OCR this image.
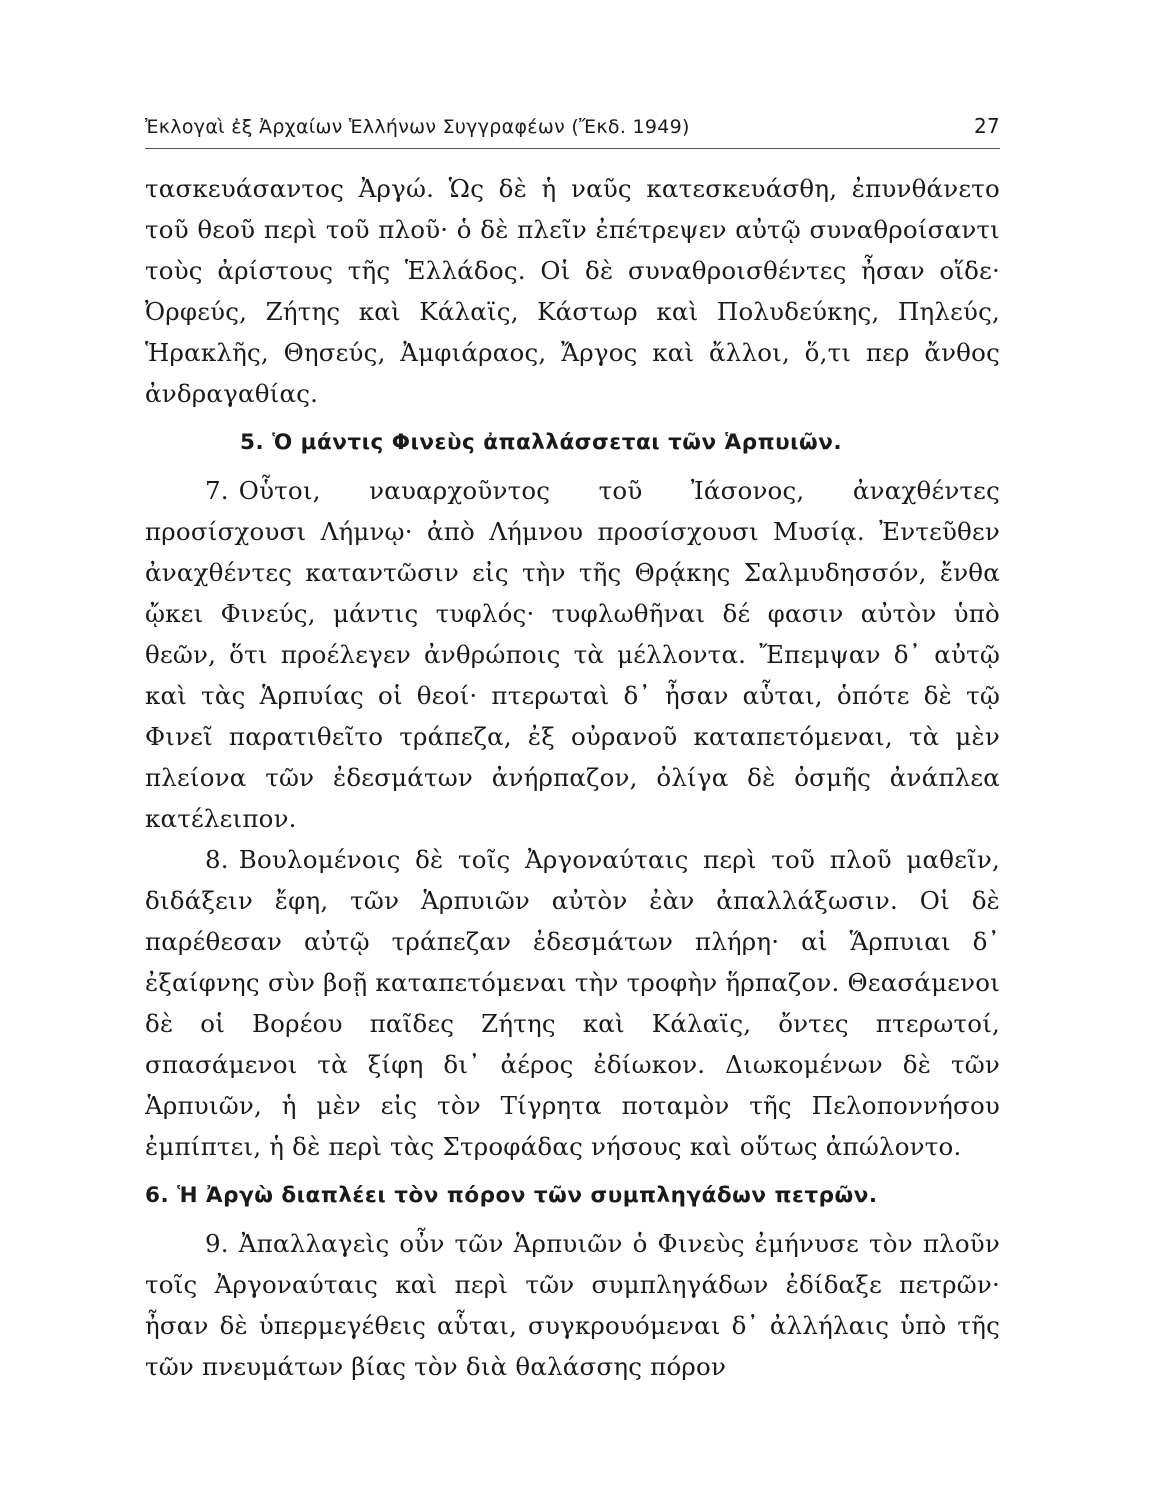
Ἐκλογαὶ ἐξ Ἀρχαίων Ἑλλήνων Συγγραφέων (Ἔκδ. 1949)	27

τασκευάσαντος Ἀργώ. Ὡς δὲ ἡ ναῦς κατεσκευάσθη, ἐπυνθάνετο τοῦ θεοῦ περὶ τοῦ πλοῦ· ὁ δὲ πλεῖν ἐπέτρεψεν αὐτῷ συναθροίσαντι τοὺς ἀρίστους τῆς Ἑλλάδος. Οἱ δὲ συναθροισθέντες ἦσαν οἵδε· Ὀρφεύς, Ζήτης καὶ Κάλαϊς, Κάστωρ καὶ Πολυδεύκης, Πηλεύς, Ἡρακλῆς, Θησεύς, Ἀμφιάραος, Ἄργος καὶ ἄλλοι, ὅ,τι περ ἄνθος ἀνδραγαθίας.

5. Ὁ μάντις Φινεὺς ἀπαλλάσσεται τῶν Ἁρπυιῶν.

7. Οὗτοι, ναυαρχοῦντος τοῦ Ἰάσονος, ἀναχθέντες προσίσχουσι Λήμνῳ· ἀπὸ Λήμνου προσίσχουσι Μυσίᾳ. Ἐντεῦθεν ἀναχθέντες καταντῶσιν εἰς τὴν τῆς Θρᾴκης Σαλμυδησσόν, ἔνθα ᾤκει Φινεύς, μάντις τυφλός· τυφλωθῆναι δέ φασιν αὐτὸν ὑπὸ θεῶν, ὅτι προέλεγεν ἀνθρώποις τὰ μέλλοντα. Ἔπεμψαν δ᾽ αὐτῷ καὶ τὰς Ἁρπυίας οἱ θεοί· πτερωταὶ δ᾽ ἦσαν αὗται, ὁπότε δὲ τῷ Φινεῖ παρατιθεῖτο τράπεζα, ἐξ οὐρανοῦ καταπετόμεναι, τὰ μὲν πλείονα τῶν ἐδεσμάτων ἀνήρπαζον, ὀλίγα δὲ ὀσμῆς ἀνάπλεα κατέλειπον.

8. Βουλομένοις δὲ τοῖς Ἀργοναύταις περὶ τοῦ πλοῦ μαθεῖν, διδάξειν ἔφη, τῶν Ἁρπυιῶν αὐτὸν ἐὰν ἀπαλλάξωσιν. Οἱ δὲ παρέθεσαν αὐτῷ τράπεζαν ἐδεσμάτων πλήρη· αἱ Ἅρπυιαι δ᾽ ἐξαίφνης σὺν βοῇ καταπετόμεναι τὴν τροφὴν ἥρπαζον. Θεασάμενοι δὲ οἱ Βορέου παῖδες Ζήτης καὶ Κάλαϊς, ὄντες πτερωτοί, σπασάμενοι τὰ ξίφη δι᾽ ἀέρος ἐδίωκον. Διωκομένων δὲ τῶν Ἁρπυιῶν, ἡ μὲν εἰς τὸν Τίγρητα ποταμὸν τῆς Πελοποννήσου ἐμπίπτει, ἡ δὲ περὶ τὰς Στροφάδας νήσους καὶ οὕτως ἀπώλοντο.

6. Ἡ Ἀργὼ διαπλέει τὸν πόρον τῶν συμπληγάδων πετρῶν.

9. Ἀπαλλαγεὶς οὖν τῶν Ἁρπυιῶν ὁ Φινεὺς ἐμήνυσε τὸν πλοῦν τοῖς Ἀργοναύταις καὶ περὶ τῶν συμπληγάδων ἐδίδαξε πετρῶν· ἦσαν δὲ ὑπερμεγέθεις αὗται, συγκρουόμεναι δ᾽ ἀλλήλαις ὑπὸ τῆς τῶν πνευμάτων βίας τὸν διὰ θαλάσσης πόρον
